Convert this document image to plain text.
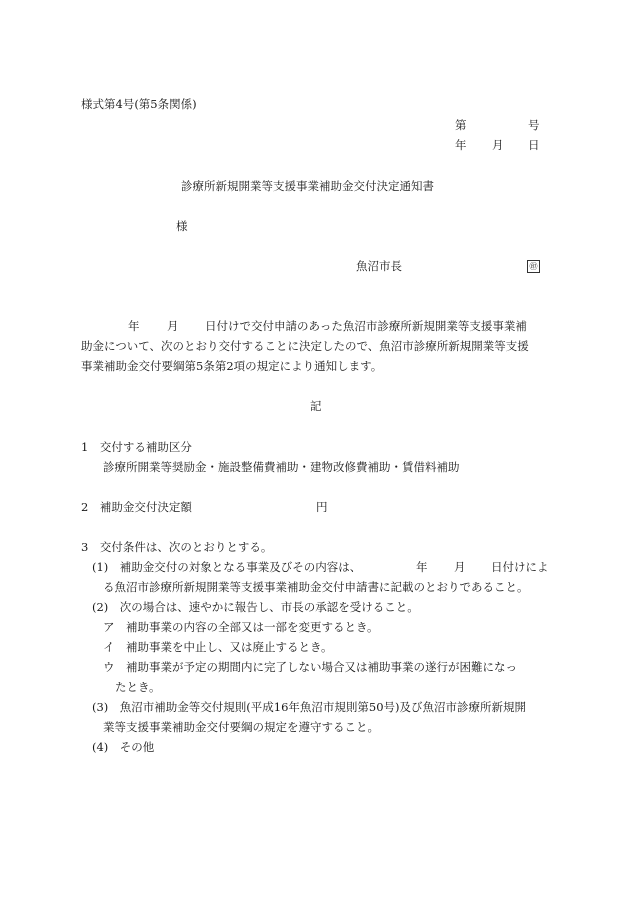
様式第4号(第5条関係)
第	号
年 月 日
診療所新規開業等支援事業補助金交付決定通知書
様
魚沼市長	㊞
年 月 日付けで交付申請のあった魚沼市診療所新規開業等支援事業補
助金について、次のとおり交付することに決定したので、魚沼市診療所新規開業等支援
事業補助金交付要綱第5条第2項の規定により通知します。
記
1　交付する補助区分
診療所開業等奨励金・施設整備費補助・建物改修費補助・賃借料補助
2　補助金交付決定額	円
3　交付条件は、次のとおりとする。
(1)　補助金交付の対象となる事業及びその内容は、	年 月 日付けによ
る魚沼市診療所新規開業等支援事業補助金交付申請書に記載のとおりであること。
(2)　次の場合は、速やかに報告し、市長の承認を受けること。
ア　補助事業の内容の全部又は一部を変更するとき。
イ　補助事業を中止し、又は廃止するとき。
ウ　補助事業が予定の期間内に完了しない場合又は補助事業の遂行が困難になっ
たとき。
(3)　魚沼市補助金等交付規則(平成16年魚沼市規則第50号)及び魚沼市診療所新規開
業等支援事業補助金交付要綱の規定を遵守すること。
(4)　その他
